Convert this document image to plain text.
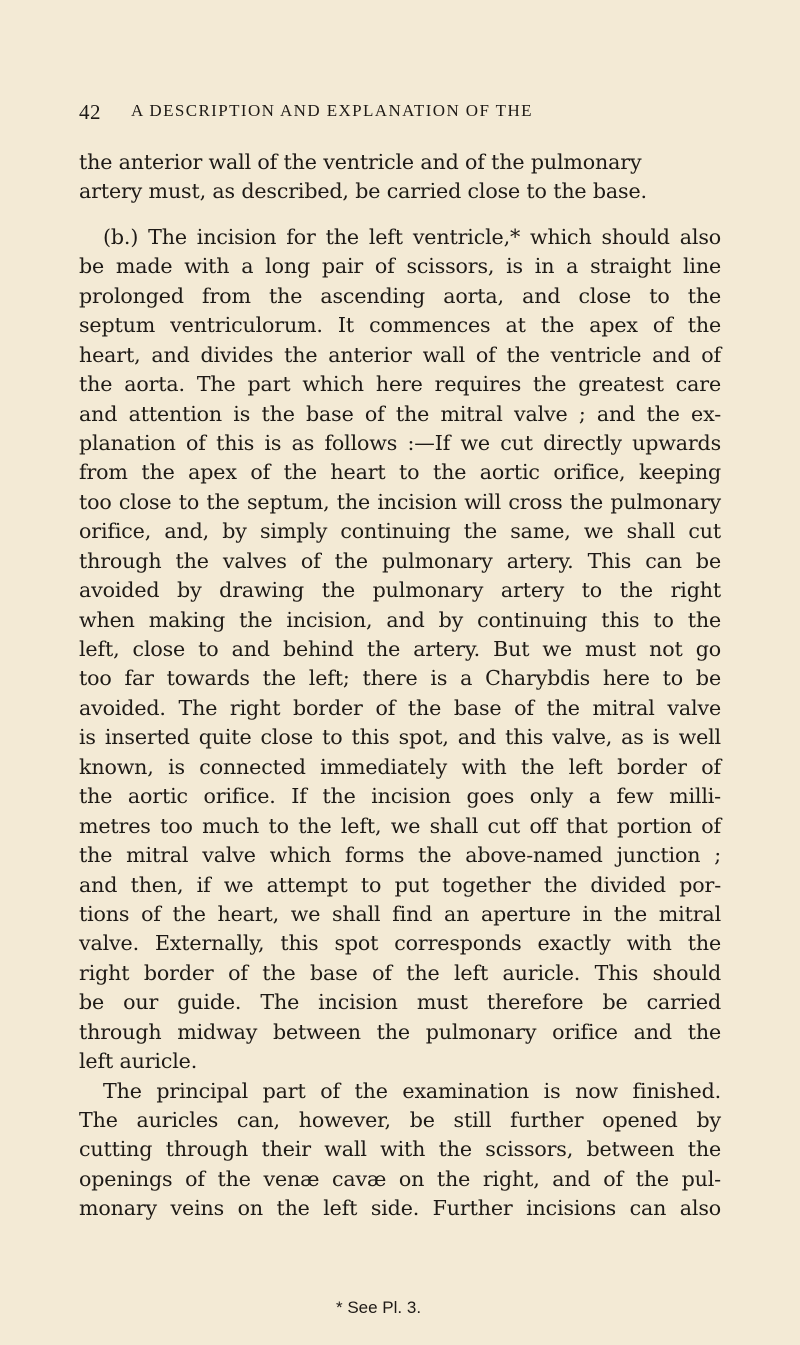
42 A DESCRIPTION AND EXPLANATION OF THE
the anterior wall of the ventricle and of the pulmonary
artery must, as described, be carried close to the base.
(b.) The incision for the left ventricle,* which should also
be made with a long pair of scissors, is in a straight line
prolonged from the ascending aorta, and close to the
septum ventriculorum. It commences at the apex of the
heart, and divides the anterior wall of the ventricle and of
the aorta. The part which here requires the greatest care
and attention is the base of the mitral valve ; and the ex-
planation of this is as follows :—If we cut directly upwards
from the apex of the heart to the aortic orifice, keeping
too close to the septum, the incision will cross the pulmonary
orifice, and, by simply continuing the same, we shall cut
through the valves of the pulmonary artery. This can be
avoided by drawing the pulmonary artery to the right
when making the incision, and by continuing this to the
left, close to and behind the artery. But we must not go
too far towards the left; there is a Charybdis here to be
avoided. The right border of the base of the mitral valve
is inserted quite close to this spot, and this valve, as is well
known, is connected immediately with the left border of
the aortic orifice. If the incision goes only a few milli-
metres too much to the left, we shall cut off that portion of
the mitral valve which forms the above-named junction ;
and then, if we attempt to put together the divided por-
tions of the heart, we shall find an aperture in the mitral
valve. Externally, this spot corresponds exactly with the
right border of the base of the left auricle. This should
be our guide. The incision must therefore be carried
through midway between the pulmonary orifice and the
left auricle.
The principal part of the examination is now finished.
The auricles can, however, be still further opened by
cutting through their wall with the scissors, between the
openings of the venæ cavæ on the right, and of the pul-
monary veins on the left side. Further incisions can also
* See Pl. 3.
